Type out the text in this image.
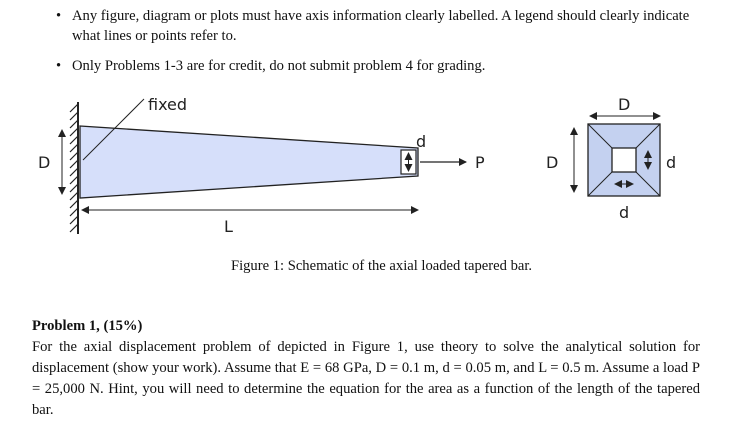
• Any figure, diagram or plots must have axis information clearly labelled. A legend should clearly indicate what lines or points refer to.
• Only Problems 1-3 are for credit, do not submit problem 4 for grading.
fixed
D
d
P
L
D
D	d
d
Figure 1: Schematic of the axial loaded tapered bar.
Problem 1, (15%)
For the axial displacement problem of depicted in Figure 1, use theory to solve the analytical solution for displacement (show your work). Assume that E = 68 GPa, D = 0.1 m, d = 0.05 m, and L = 0.5 m. Assume a load P = 25,000 N. Hint, you will need to determine the equation for the area as a function of the length of the tapered bar.
